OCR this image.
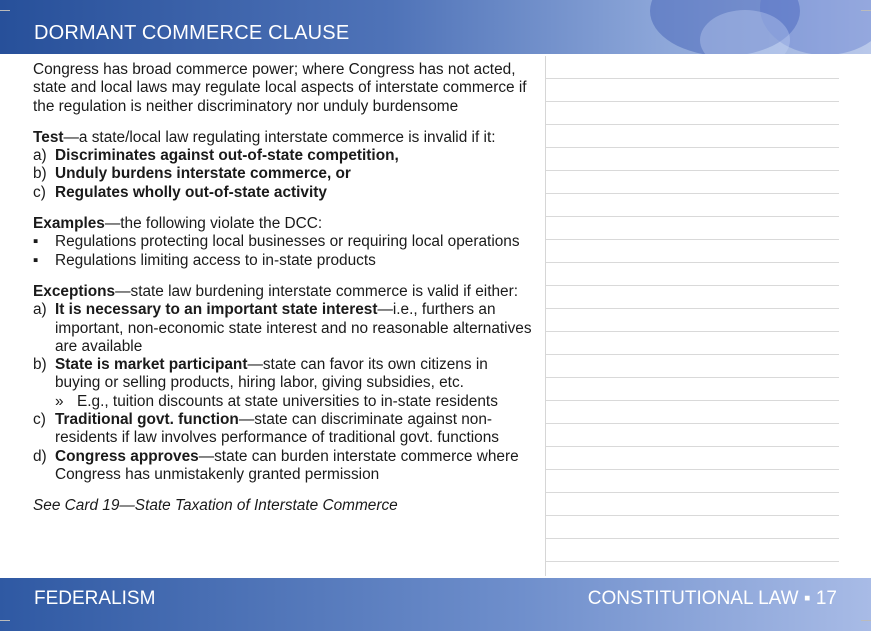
DORMANT COMMERCE CLAUSE

Congress has broad commerce power; where Congress has not acted, state and local laws may regulate local aspects of interstate commerce if the regulation is neither discriminatory nor unduly burdensome

Test—a state/local law regulating interstate commerce is invalid if it:

a) Discriminates against out-of-state competition,
b) Unduly burdens interstate commerce, or
c) Regulates wholly out-of-state activity

Examples—the following violate the DCC:

▪	Regulations protecting local businesses or requiring local operations
▪	Regulations limiting access to in-state products

Exceptions—state law burdening interstate commerce is valid if either:

a) It is necessary to an important state interest—i.e., furthers an important, non-economic state interest and no reasonable alternatives are available
b) State is market participant—state can favor its own citizens in buying or selling products, hiring labor, giving subsidies, etc.
» E.g., tuition discounts at state universities to in-state residents
c) Traditional govt. function—state can discriminate against non-residents if law involves performance of traditional govt. functions
d) Congress approves—state can burden interstate commerce where Congress has unmistakenly granted permission

See Card 19—State Taxation of Interstate Commerce

FEDERALISM	CONSTITUTIONAL LAW ▪ 17
